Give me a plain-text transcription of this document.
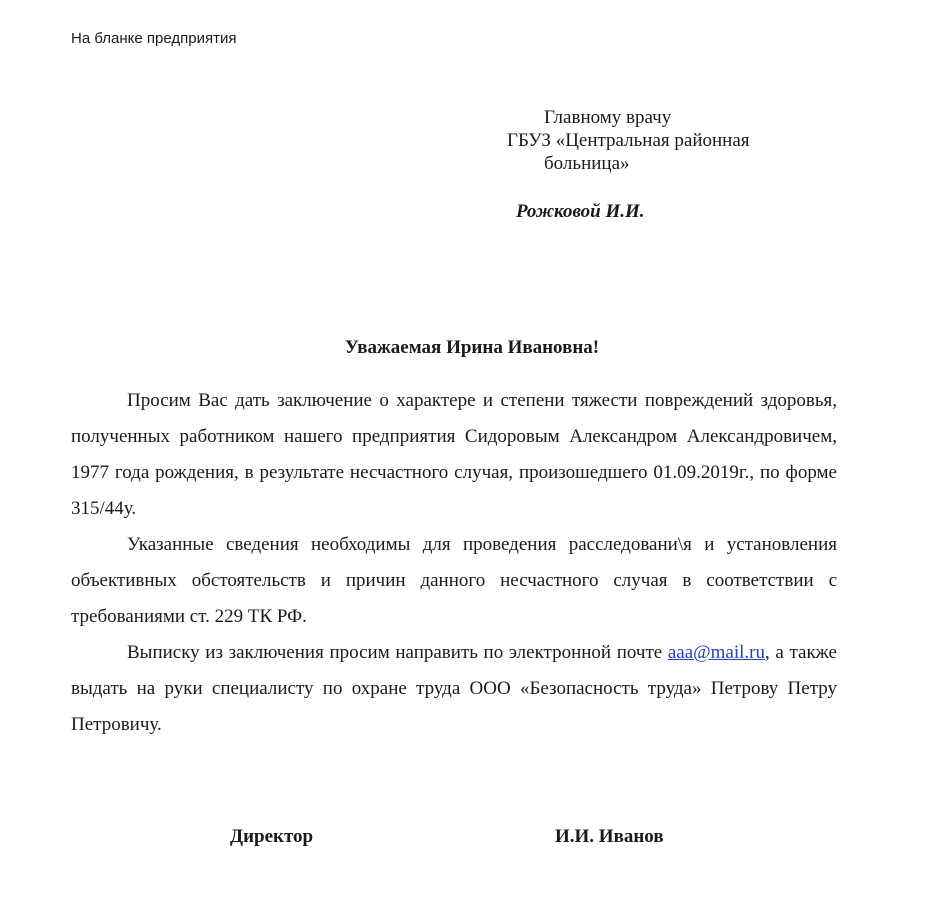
На бланке предприятия
Главному врачу
ГБУЗ «Центральная районная
больница»
Рожковой И.И.
Уважаемая Ирина Ивановна!

Просим Вас дать заключение о характере и степени тяжести повреждений здоровья, полученных работником нашего предприятия Сидоровым Александром Александровичем, 1977 года рождения, в результате несчастного случая, произошедшего 01.09.2019г., по форме 315/44у.

Указанные сведения необходимы для проведения расследовани\я и установления объективных обстоятельств и причин данного несчастного случая в соответствии с требованиями ст. 229 ТК РФ.

Выписку из заключения просим направить по электронной почте aaa@mail.ru, а также выдать на руки специалисту по охране труда ООО «Безопасность труда» Петрову Петру Петровичу.

Директор	И.И. Иванов
